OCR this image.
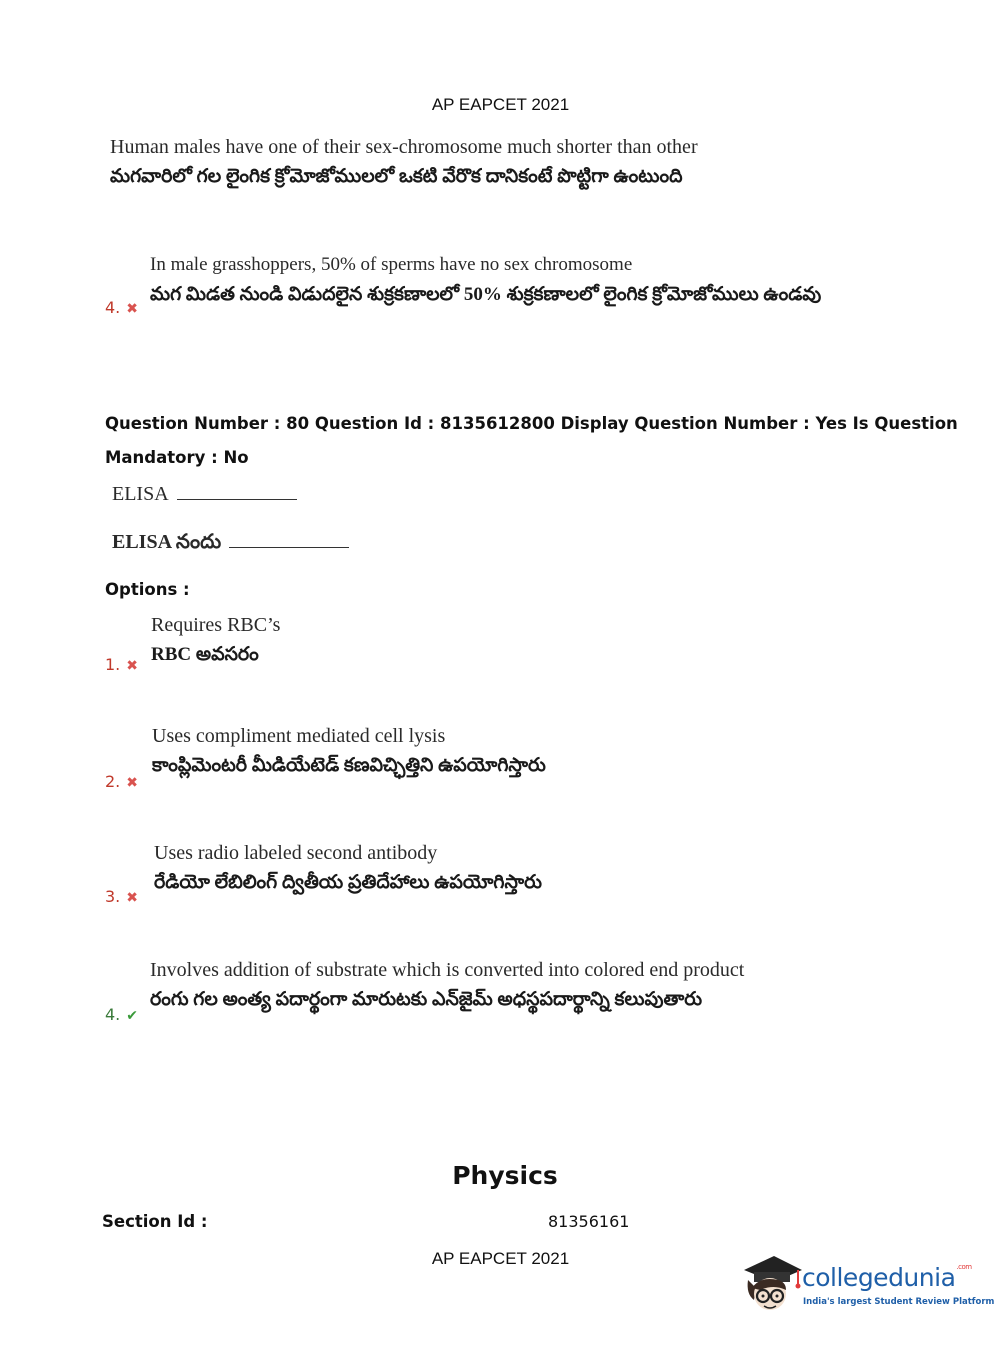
AP EAPCET 2021
Human males have one of their sex-chromosome much shorter than other
మగవారిలో గల లైంగిక క్రోమోజోములలో ఒకటి వేరొక దానికంటే పొట్టిగా ఉంటుంది
In male grasshoppers, 50% of sperms have no sex chromosome
మగ మిడత నుండి విడుదలైన శుక్రకణాలలో 50% శుక్రకణాలలో లైంగిక క్రోమోజోములు ఉండవు
4. ✖
Question Number : 80 Question Id : 8135612800 Display Question Number : Yes Is Question
Mandatory : No
ELISA
ELISA నందు
Options :
Requires RBC’s
RBC అవసరం
1. ✖
Uses compliment mediated cell lysis
కాంప్లిమెంటరీ మీడియేటెడ్ కణవిచ్ఛిత్తిని ఉపయోగిస్తారు
2. ✖
Uses radio labeled second antibody
రేడియో లేబిలింగ్ ద్వితీయ ప్రతిదేహాలు ఉపయోగిస్తారు
3. ✖
Involves addition of substrate which is converted into colored end product
రంగు గల అంత్య పదార్థంగా మారుటకు ఎన్‌జైమ్ అధస్థపదార్థాన్ని కలుపుతారు
4. ✔
Physics
Section Id :	81356161
AP EAPCET 2021
collegedunia$^{.com}$
India's largest Student Review Platform
